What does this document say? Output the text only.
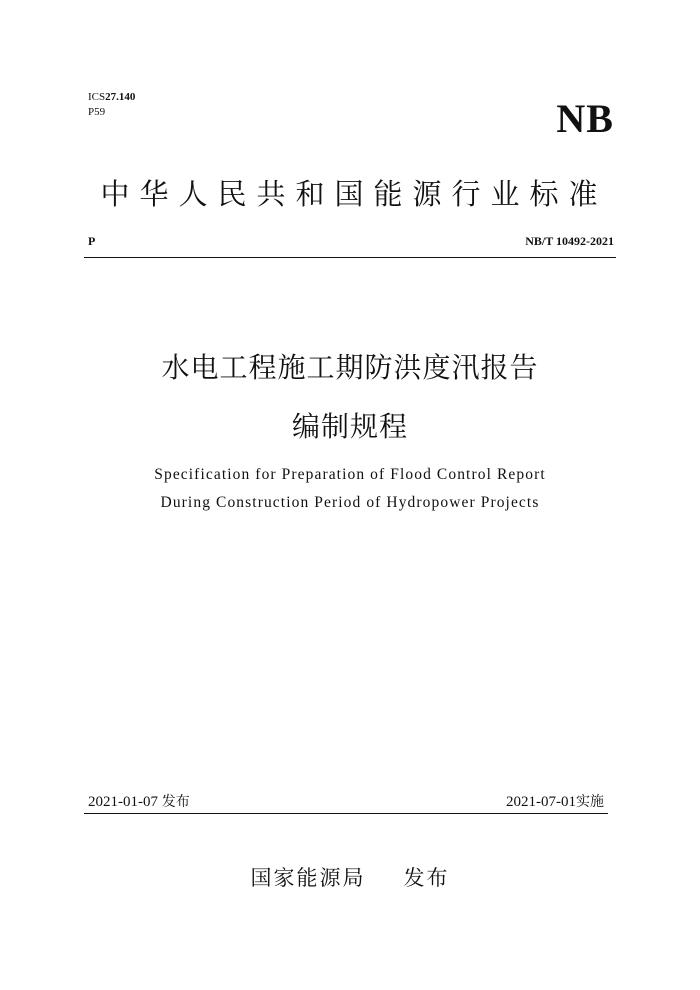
ICS27.140
P59	NB
中华人民共和国能源行业标准
P	NB/T 10492-2021
水电工程施工期防洪度汛报告
编制规程
Specification for Preparation of Flood Control Report
During Construction Period of Hydropower Projects
2021-01-07 发布	2021-07-01实施
国家能源局 发布
